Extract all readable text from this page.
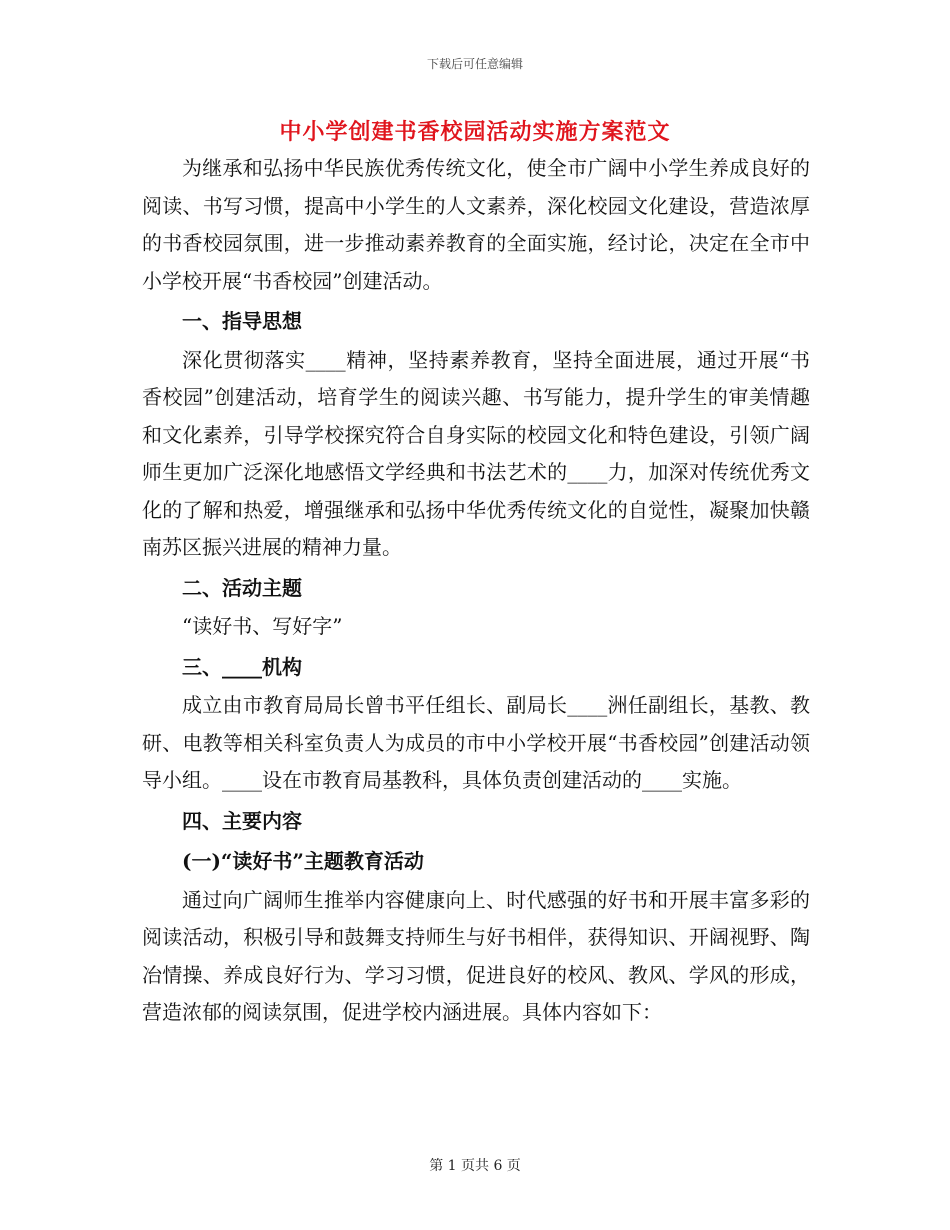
下载后可任意编辑
中小学创建书香校园活动实施方案范文

为继承和弘扬中华民族优秀传统文化，使全市广阔中小学生养成良好的阅读、书写习惯，提高中小学生的人文素养，深化校园文化建设，营造浓厚的书香校园氛围，进一步推动素养教育的全面实施，经讨论，决定在全市中小学校开展“书香校园”创建活动。

一、指导思想

深化贯彻落实____精神，坚持素养教育，坚持全面进展，通过开展“书香校园”创建活动，培育学生的阅读兴趣、书写能力，提升学生的审美情趣和文化素养，引导学校探究符合自身实际的校园文化和特色建设，引领广阔师生更加广泛深化地感悟文学经典和书法艺术的____力，加深对传统优秀文化的了解和热爱，增强继承和弘扬中华优秀传统文化的自觉性，凝聚加快赣南苏区振兴进展的精神力量。

二、活动主题

“读好书、写好字”

三、____机构

成立由市教育局局长曾书平任组长、副局长____洲任副组长，基教、教研、电教等相关科室负责人为成员的市中小学校开展“书香校园”创建活动领导小组。____设在市教育局基教科，具体负责创建活动的____实施。

四、主要内容

(一)“读好书”主题教育活动

通过向广阔师生推举内容健康向上、时代感强的好书和开展丰富多彩的阅读活动，积极引导和鼓舞支持师生与好书相伴，获得知识、开阔视野、陶冶情操、养成良好行为、学习习惯，促进良好的校风、教风、学风的形成，营造浓郁的阅读氛围，促进学校内涵进展。具体内容如下：

第 1 页共 6 页
